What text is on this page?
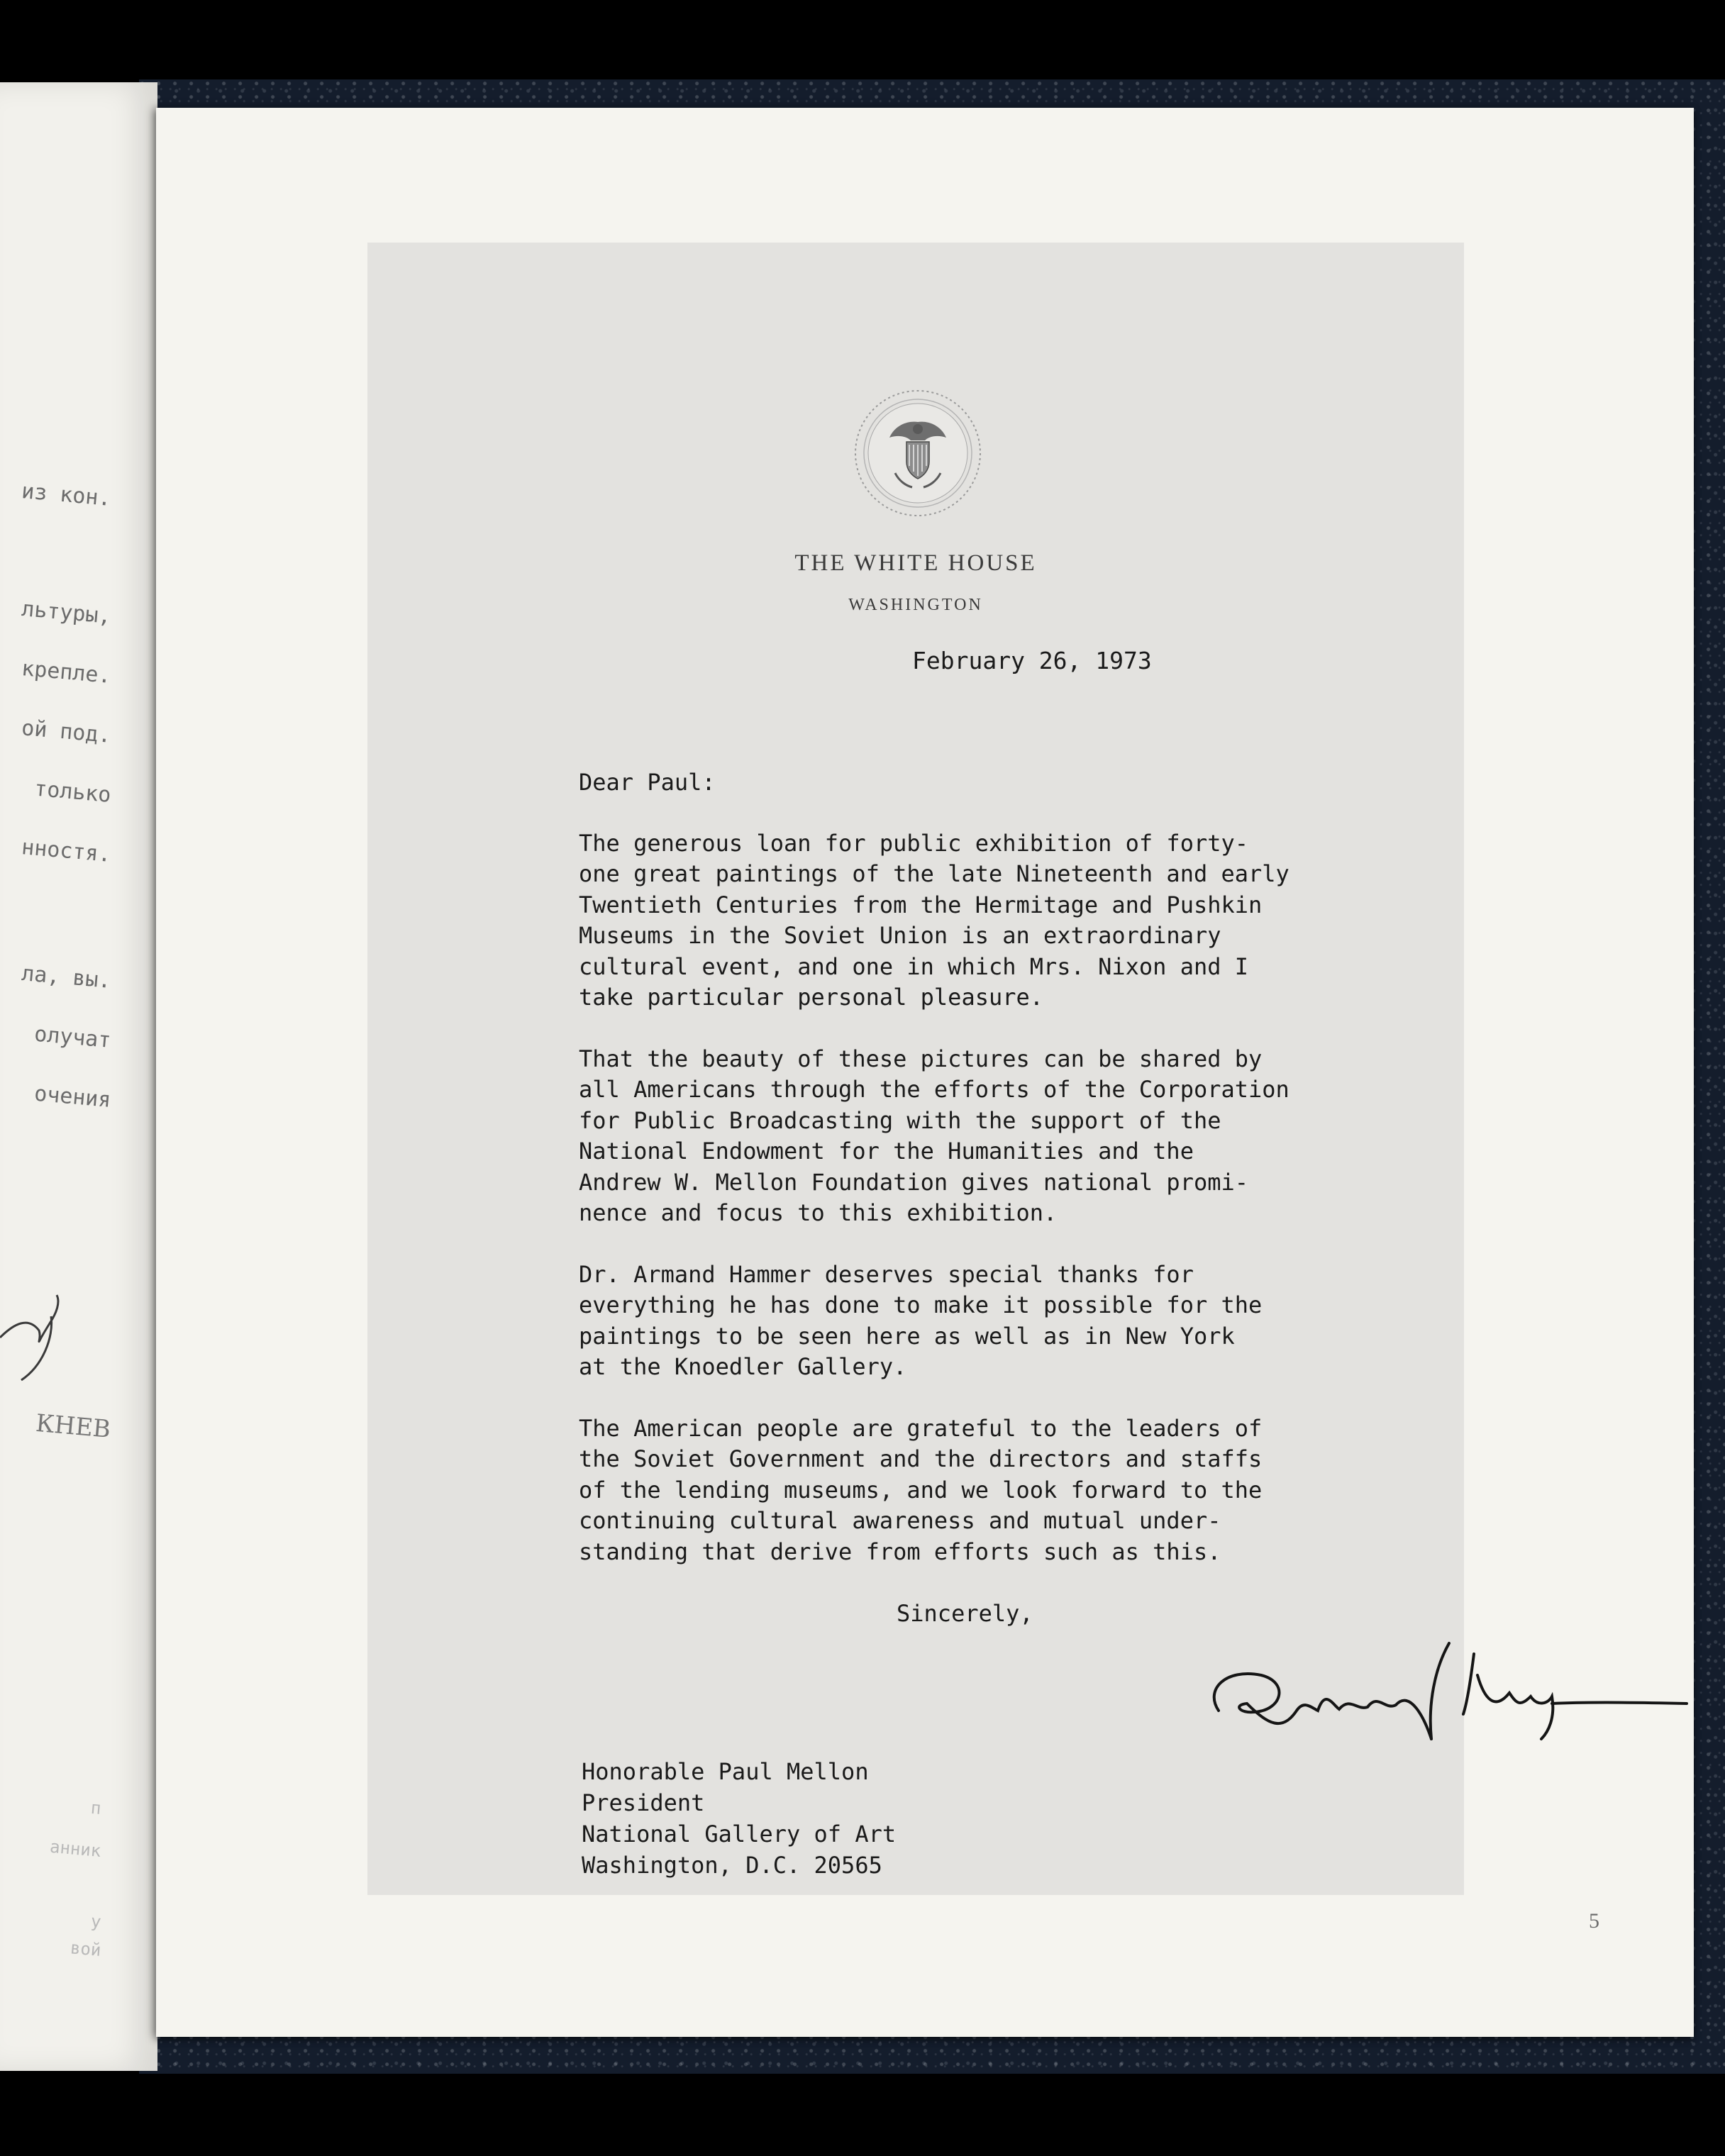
из кон.
льтуры,
крепле.
ой под.
только
нностя.
ла, вы.
олучат
очения
КНЕВ
п
анник
у
вой
THE WHITE HOUSE
WASHINGTON
February 26, 1973
Dear Paul:
The generous loan for public exhibition of forty-
one great paintings of the late Nineteenth and early
Twentieth Centuries from the Hermitage and Pushkin
Museums in the Soviet Union is an extraordinary
cultural event, and one in which Mrs. Nixon and I
take particular personal pleasure.
That the beauty of these pictures can be shared by
all Americans through the efforts of the Corporation
for Public Broadcasting with the support of the
National Endowment for the Humanities and the
Andrew W. Mellon Foundation gives national promi-
nence and focus to this exhibition.
Dr. Armand Hammer deserves special thanks for
everything he has done to make it possible for the
paintings to be seen here as well as in New York
at the Knoedler Gallery.
The American people are grateful to the leaders of
the Soviet Government and the directors and staffs
of the lending museums, and we look forward to the
continuing cultural awareness and mutual under-
standing that derive from efforts such as this.
Sincerely,
Honorable Paul Mellon
President
National Gallery of Art
Washington, D.C. 20565
5
